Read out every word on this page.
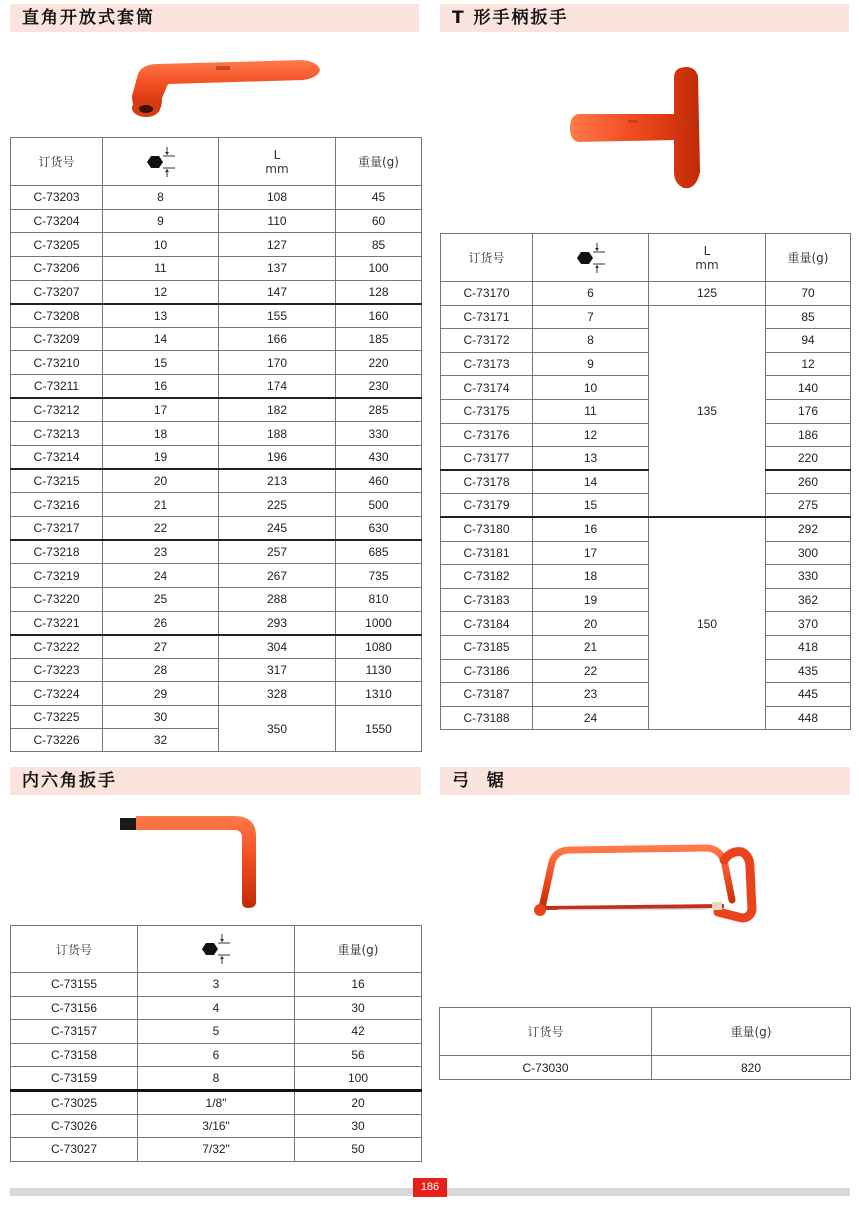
直角开放式套筒
订货号		L
mm	重量(g)
C-73203	8	108	45
C-73204	9	110	60
C-73205	10	127	85
C-73206	11	137	100
C-73207	12	147	128
C-73208	13	155	160
C-73209	14	166	185
C-73210	15	170	220
C-73211	16	174	230
C-73212	17	182	285
C-73213	18	188	330
C-73214	19	196	430
C-73215	20	213	460
C-73216	21	225	500
C-73217	22	245	630
C-73218	23	257	685
C-73219	24	267	735
C-73220	25	288	810
C-73221	26	293	1000
C-73222	27	304	1080
C-73223	28	317	1130
C-73224	29	328	1310
C-73225	30	350	1550
C-73226	32		
T 形手柄扳手
订货号		L
mm	重量(g)
C-73170	6	125	70
C-73171	7	135	85
C-73172	8		94
C-73173	9		12
C-73174	10		140
C-73175	11		176
C-73176	12		186
C-73177	13		220
C-73178	14		260
C-73179	15		275
C-73180	16	150	292
C-73181	17		300
C-73182	18		330
C-73183	19		362
C-73184	20		370
C-73185	21		418
C-73186	22		435
C-73187	23		445
C-73188	24		448
内六角扳手
订货号		重量(g)
C-73155	3	16
C-73156	4	30
C-73157	5	42
C-73158	6	56
C-73159	8	100
C-73025	1/8"	20
C-73026	3/16"	30
C-73027	7/32"	50
弓  锯
订货号	重量(g)
C-73030	820
186
